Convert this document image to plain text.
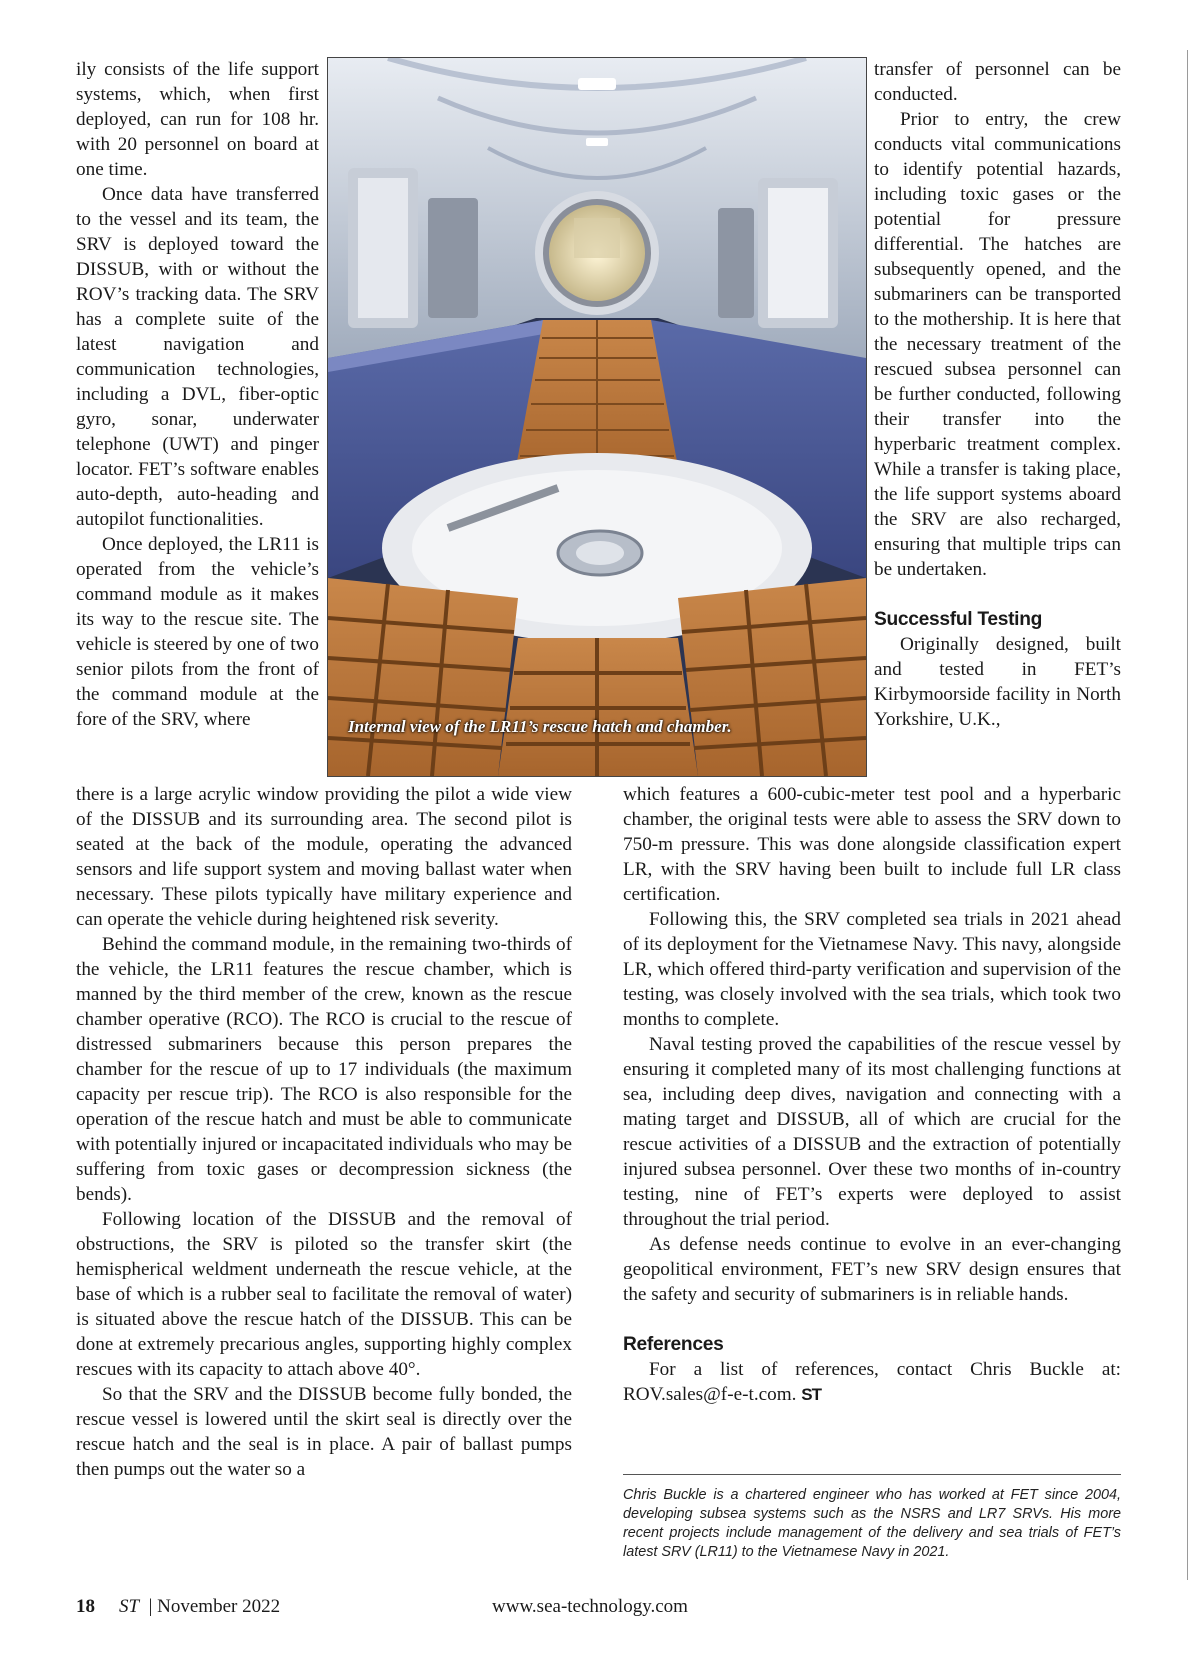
ily consists of the life support systems, which, when first deployed, can run for 108 hr. with 20 personnel on board at one time.

Once data have transferred to the vessel and its team, the SRV is deployed toward the DISSUB, with or without the ROV’s tracking data. The SRV has a complete suite of the latest navigation and communication technologies, including a DVL, fiber-optic gyro, sonar, underwater telephone (UWT) and pinger locator. FET’s software enables auto-depth, auto-heading and autopilot functionalities.

Once deployed, the LR11 is operated from the vehicle’s command module as it makes its way to the rescue site. The vehicle is steered by one of two senior pilots from the front of the command module at the fore of the SRV, where	Internal view of the LR11’s rescue hatch and chamber.

there is a large acrylic window providing the pilot a wide view of the DISSUB and its surrounding area. The second pilot is seated at the back of the module, operating the advanced sensors and life support system and moving ballast water when necessary. These pilots typically have military experience and can operate the vehicle during heightened risk severity.

Behind the command module, in the remaining two-thirds of the vehicle, the LR11 features the rescue chamber, which is manned by the third member of the crew, known as the rescue chamber operative (RCO). The RCO is crucial to the rescue of distressed submariners because this person prepares the chamber for the rescue of up to 17 individuals (the maximum capacity per rescue trip). The RCO is also responsible for the operation of the rescue hatch and must be able to communicate with potentially injured or incapacitated individuals who may be suffering from toxic gases or decompression sickness (the bends).

Following location of the DISSUB and the removal of obstructions, the SRV is piloted so the transfer skirt (the hemispherical weldment underneath the rescue vehicle, at the base of which is a rubber seal to facilitate the removal of water) is situated above the rescue hatch of the DISSUB. This can be done at extremely precarious angles, supporting highly complex rescues with its capacity to attach above 40°.

So that the SRV and the DISSUB become fully bonded, the rescue vessel is lowered until the skirt seal is directly over the rescue hatch and the seal is in place. A pair of ballast pumps then pumps out the water so a

transfer of personnel can be conducted.

Prior to entry, the crew conducts vital communications to identify potential hazards, including toxic gases or the potential for pressure differential. The hatches are subsequently opened, and the submariners can be transported to the mothership. It is here that the necessary treatment of the rescued subsea personnel can be further conducted, following their transfer into the hyperbaric treatment complex. While a transfer is taking place, the life support systems aboard the SRV are also recharged, ensuring that multiple trips can be undertaken.

Successful Testing

Originally designed, built and tested in FET’s Kirbymoorside facility in North Yorkshire, U.K.,

which features a 600-cubic-meter test pool and a hyperbaric chamber, the original tests were able to assess the SRV down to 750-m pressure. This was done alongside classification expert LR, with the SRV having been built to include full LR class certification.

Following this, the SRV completed sea trials in 2021 ahead of its deployment for the Vietnamese Navy. This navy, alongside LR, which offered third-party verification and supervision of the testing, was closely involved with the sea trials, which took two months to complete.

Naval testing proved the capabilities of the rescue vessel by ensuring it completed many of its most challenging functions at sea, including deep dives, navigation and connecting with a mating target and DISSUB, all of which are crucial for the rescue activities of a DISSUB and the extraction of potentially injured subsea personnel. Over these two months of in-country testing, nine of FET’s experts were deployed to assist throughout the trial period.

As defense needs continue to evolve in an ever-changing geopolitical environment, FET’s new SRV design ensures that the safety and security of submariners is in reliable hands.

References

For a list of references, contact Chris Buckle at: ROV.sales@f-e-t.com. ST

Chris Buckle is a chartered engineer who has worked at FET since 2004, developing subsea systems such as the NSRS and LR7 SRVs. His more recent projects include management of the delivery and sea trials of FET’s latest SRV (LR11) to the Vietnamese Navy in 2021.
18 ST | November 2022	www.sea-technology.com
